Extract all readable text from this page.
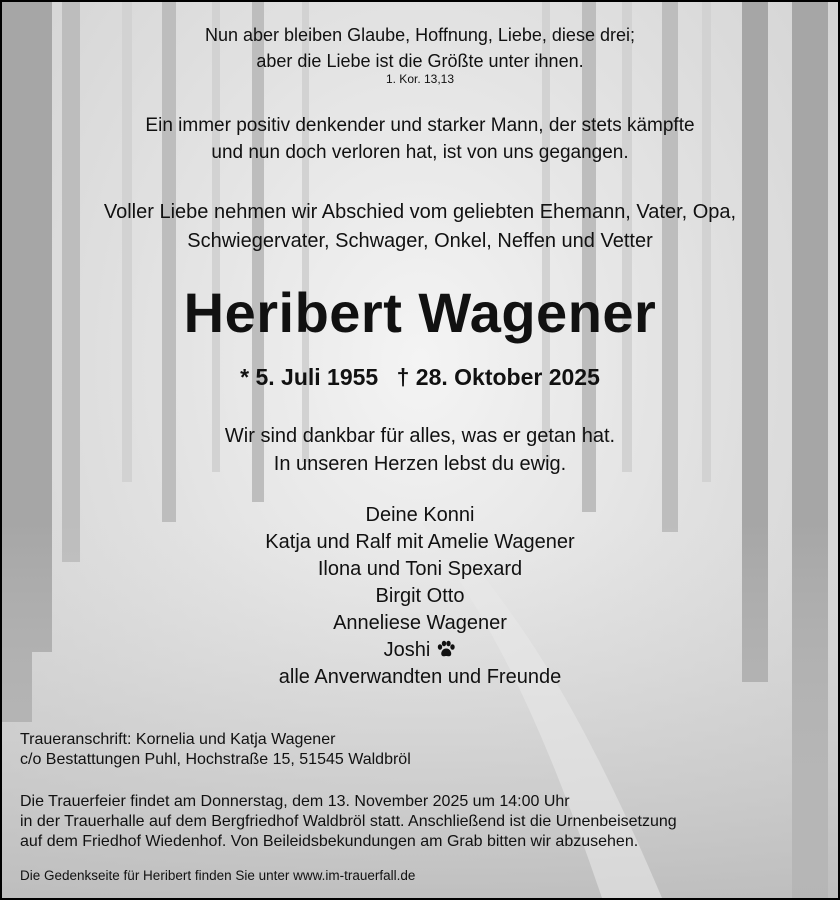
Nun aber bleiben Glaube, Hoffnung, Liebe, diese drei;
aber die Liebe ist die Größte unter ihnen.
1. Kor. 13,13
Ein immer positiv denkender und starker Mann, der stets kämpfte
und nun doch verloren hat, ist von uns gegangen.
Voller Liebe nehmen wir Abschied vom geliebten Ehemann, Vater, Opa,
Schwiegervater, Schwager, Onkel, Neffen und Vetter
Heribert Wagener
* 5. Juli 1955 † 28. Oktober 2025
Wir sind dankbar für alles, was er getan hat.
In unseren Herzen lebst du ewig.
Deine Konni
Katja und Ralf mit Amelie Wagener
Ilona und Toni Spexard
Birgit Otto
Anneliese Wagener
Joshi
alle Anverwandten und Freunde
Traueranschrift: Kornelia und Katja Wagener
c/o Bestattungen Puhl, Hochstraße 15, 51545 Waldbröl
Die Trauerfeier findet am Donnerstag, dem 13. November 2025 um 14:00 Uhr
in der Trauerhalle auf dem Bergfriedhof Waldbröl statt. Anschließend ist die Urnenbeisetzung
auf dem Friedhof Wiedenhof. Von Beileidsbekundungen am Grab bitten wir abzusehen.
Die Gedenkseite für Heribert finden Sie unter www.im-trauerfall.de
